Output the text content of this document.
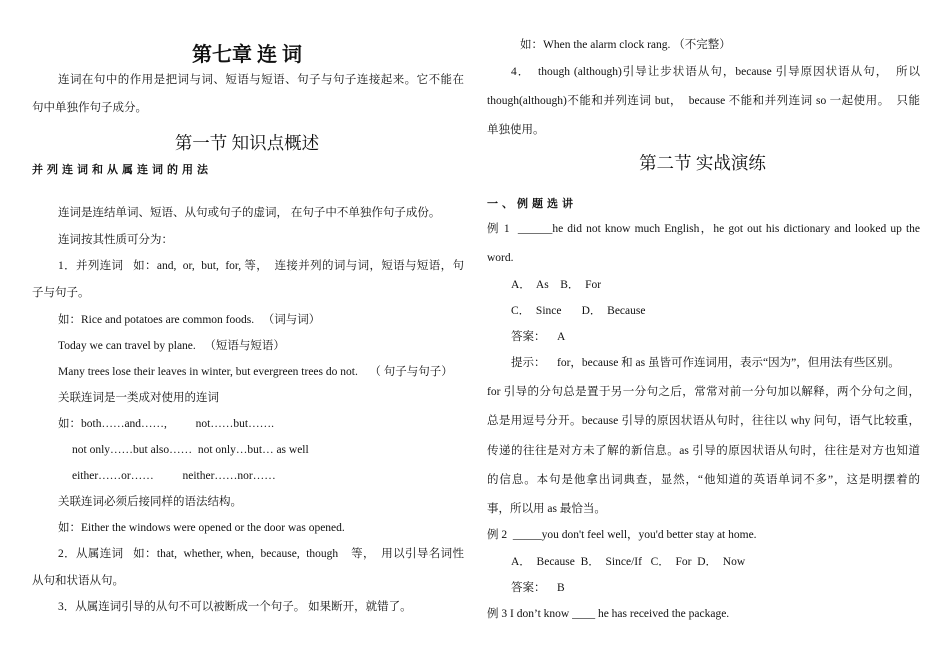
第七章 连 词
连词在句中的作用是把词与词、短语与短语、句子与句子连接起来。它不能在
句中单独作句子成分。
第一节 知识点概述
并列连词和从属连词的用法
连词是连结单词、短语、从句或句子的虚词， 在句子中不单独作句子成份。
连词按其性质可分为：
1．并列连词   如：and,  or,  but,  for, 等，  连接并列的词与词，短语与短语，句
子与句子。
如：Rice and potatoes are common foods.   （词与词）
Today we can travel by plane.   （短语与短语）
Many trees lose their leaves in winter, but evergreen trees do not.    （ 句子与句子）
关联连词是一类成对使用的连词
如：both……and……,          not……but…….
not only……but also……  not only…but… as well
either……or……          neither……nor……
关联连词必须后接同样的语法结构。
如：Either the windows were opened or the door was opened.
2．从属连词   如：that,  whether, when,  because,  though    等，  用以引导名词性
从句和状语从句。
3．从属连词引导的从句不可以被断成一个句子。 如果断开，就错了。
如：When the alarm clock rang. （不完整）
4．  though (although)引导让步状语从句，because 引导原因状语从句，  所以
though(although)不能和并列连词 but，  because 不能和并列连词 so 一起使用。  只能
单独使用。
第二节 实战演练
一、例题选讲
例 1  ______he did not know much English，he got out his dictionary and looked up the
word.
A．  As    B．  For
C．  Since       D．  Because
答案：    A
提示：    for，because 和 as 虽皆可作连词用，表示“因为”，但用法有些区别。
for 引导的分句总是置于另一分句之后，常常对前一分句加以解释，两个分句之间，
总是用逗号分开。because 引导的原因状语从句时，往往以 why 问句，语气比较重，
传递的往往是对方未了解的新信息。as 引导的原因状语从句时，往往是对方也知道
的信息。本句是他拿出词典查，显然，“他知道的英语单词不多”，这是明摆着的
事，所以用 as 最恰当。
例 2  _____you don't feel well，you'd better stay at home.
A．  Because  B．  Since/If   C．  For  D．  Now
答案：    B
例 3 I don’t know ____ he has received the package.
